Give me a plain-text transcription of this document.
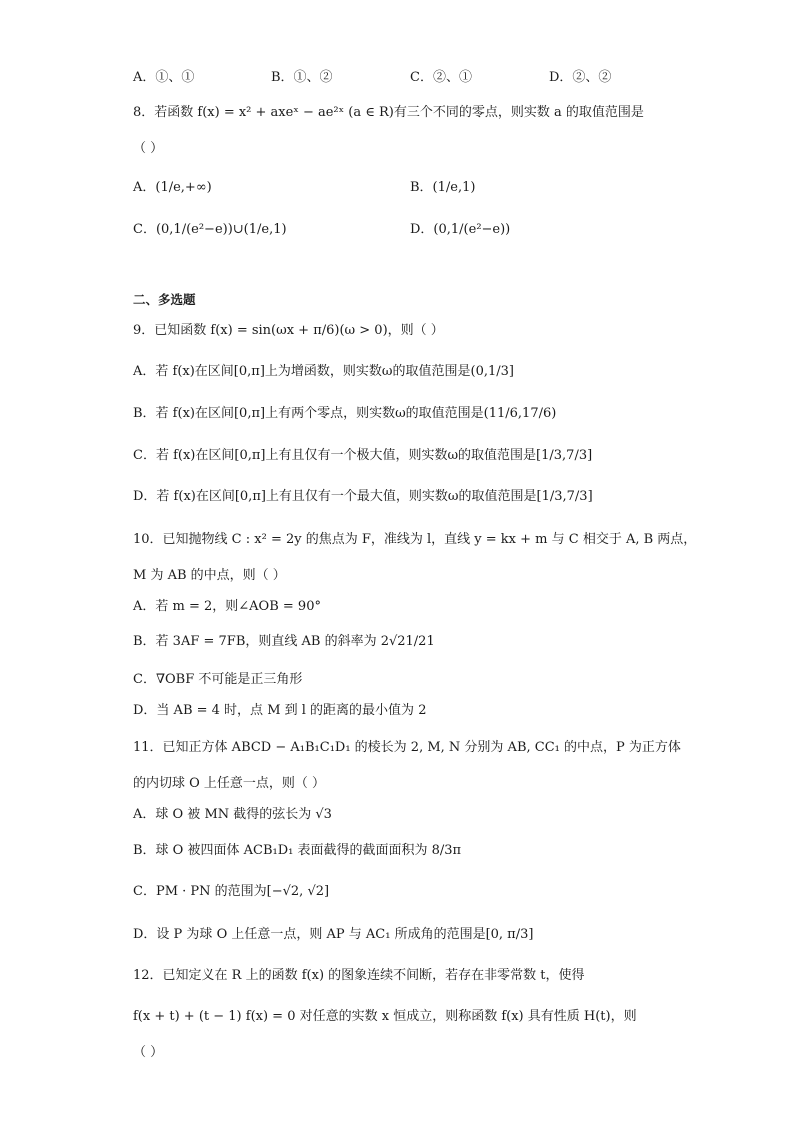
A．①、①	B．①、②	C．②、①	D．②、②
8．若函数 f(x) = x² + axeˣ − ae²ˣ (a ∈ R)有三个不同的零点，则实数 a 的取值范围是
（ ）
A．(1/e,+∞)	B．(1/e,1)
C．(0,1/(e²−e))∪(1/e,1)	D．(0,1/(e²−e))
二、多选题
9．已知函数 f(x) = sin(ωx + π/6)(ω > 0)，则（ ）
A．若 f(x)在区间[0,π]上为增函数，则实数ω的取值范围是(0,1/3]
B．若 f(x)在区间[0,π]上有两个零点，则实数ω的取值范围是(11/6,17/6)
C．若 f(x)在区间[0,π]上有且仅有一个极大值，则实数ω的取值范围是[1/3,7/3]
D．若 f(x)在区间[0,π]上有且仅有一个最大值，则实数ω的取值范围是[1/3,7/3]
10．已知抛物线 C : x² = 2y 的焦点为 F，准线为 l，直线 y = kx + m 与 C 相交于 A, B 两点，
M 为 AB 的中点，则（ ）
A．若 m = 2，则∠AOB = 90°
B．若 3AF = 7FB，则直线 AB 的斜率为 2√21/21
C．∇OBF 不可能是正三角形
D．当 AB = 4 时，点 M 到 l 的距离的最小值为 2
11．已知正方体 ABCD − A₁B₁C₁D₁ 的棱长为 2, M, N 分别为 AB, CC₁ 的中点，P 为正方体
的内切球 O 上任意一点，则（ ）
A．球 O 被 MN 截得的弦长为 √3
B．球 O 被四面体 ACB₁D₁ 表面截得的截面面积为 8/3π
C．PM · PN 的范围为[−√2, √2]
D．设 P 为球 O 上任意一点，则 AP 与 AC₁ 所成角的范围是[0, π/3]
12．已知定义在 R 上的函数 f(x) 的图象连续不间断，若存在非零常数 t，使得
f(x + t) + (t − 1) f(x) = 0 对任意的实数 x 恒成立，则称函数 f(x) 具有性质 H(t)，则
（ ）
